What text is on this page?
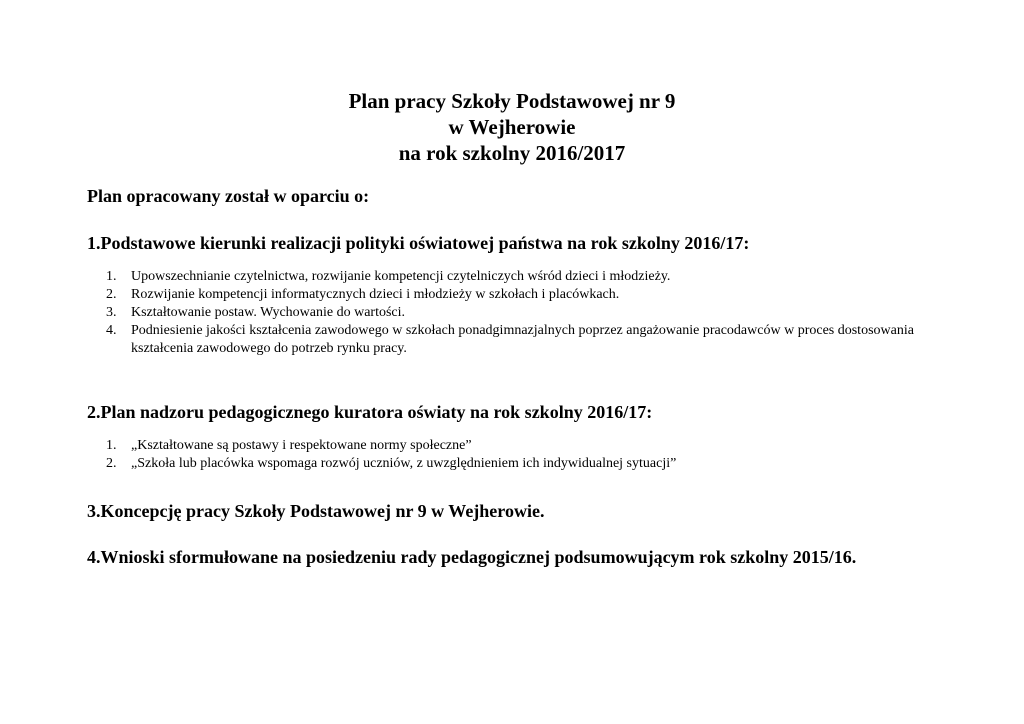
Plan pracy Szkoły Podstawowej nr 9
w Wejherowie
na rok szkolny 2016/2017
Plan opracowany został w oparciu o:
1.Podstawowe kierunki realizacji polityki oświatowej państwa na rok szkolny 2016/17:
1. Upowszechnianie czytelnictwa, rozwijanie kompetencji czytelniczych wśród dzieci i młodzieży.
2. Rozwijanie kompetencji informatycznych dzieci i młodzieży w szkołach i placówkach.
3. Kształtowanie postaw. Wychowanie do wartości.
4. Podniesienie jakości kształcenia zawodowego w szkołach ponadgimnazjalnych poprzez angażowanie pracodawców w proces dostosowania kształcenia zawodowego do potrzeb rynku pracy.
2.Plan nadzoru pedagogicznego kuratora oświaty na rok szkolny 2016/17:
1. „Kształtowane są postawy i respektowane normy społeczne”
2. „Szkoła lub placówka wspomaga rozwój uczniów, z uwzględnieniem ich indywidualnej sytuacji”
3.Koncepcję pracy Szkoły Podstawowej nr 9 w Wejherowie.
4.Wnioski sformułowane na posiedzeniu rady pedagogicznej podsumowującym rok szkolny 2015/16.
